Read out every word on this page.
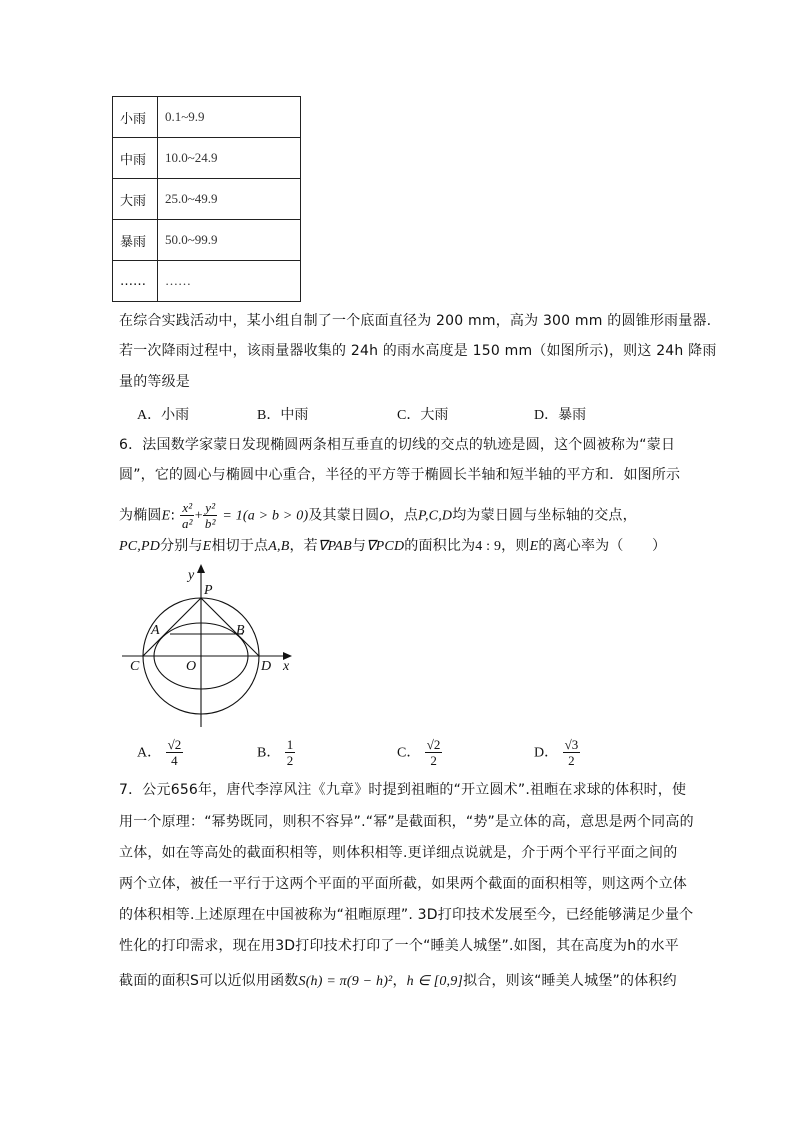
小雨	0.1~9.9
中雨	10.0~24.9
大雨	25.0~49.9
暴雨	50.0~99.9
……	……
在综合实践活动中，某小组自制了一个底面直径为 200 mm，高为 300 mm 的圆锥形雨量器.
若一次降雨过程中，该雨量器收集的 24h 的雨水高度是 150 mm（如图所示)，则这 24h 降雨
量的等级是
A．小雨	B．中雨	C．大雨	D．暴雨
6．法国数学家蒙日发现椭圆两条相互垂直的切线的交点的轨迹是圆，这个圆被称为“蒙日
圆”，它的圆心与椭圆中心重合，半径的平方等于椭圆长半轴和短半轴的平方和．如图所示
为椭圆E: $\frac{\text{x²}}{\text{a²}} + \frac{\text{y²}}{\text{b²}} = 1(a > b > 0)$及其蒙日圆O，点P,C,D均为蒙日圆与坐标轴的交点，
PC,PD分别与E相切于点A,B，若∇PAB与∇PCD的面积比为4 : 9，则E的离心率为（　　）
y
P
A	B
C	O	D x
A． $\frac{√2}{4}$	B． $\frac{1}{2}$	C． $\frac{√2}{2}$	D． $\frac{√3}{2}$
7．公元656年，唐代李淳风注《九章》时提到祖暅的“开立圆术”.祖暅在求球的体积时，使
用一个原理：“幂势既同，则积不容异”.“幂”是截面积，“势”是立体的高，意思是两个同高的
立体，如在等高处的截面积相等，则体积相等.更详细点说就是，介于两个平行平面之间的
两个立体，被任一平行于这两个平面的平面所截，如果两个截面的面积相等，则这两个立体
的体积相等.上述原理在中国被称为“祖暅原理”. 3D打印技术发展至今，已经能够满足少量个
性化的打印需求，现在用3D打印技术打印了一个“睡美人城堡”.如图，其在高度为h的水平
截面的面积S可以近似用函数S(h) = π(9 − h)²，h ∈ [0,9]拟合，则该“睡美人城堡”的体积约
